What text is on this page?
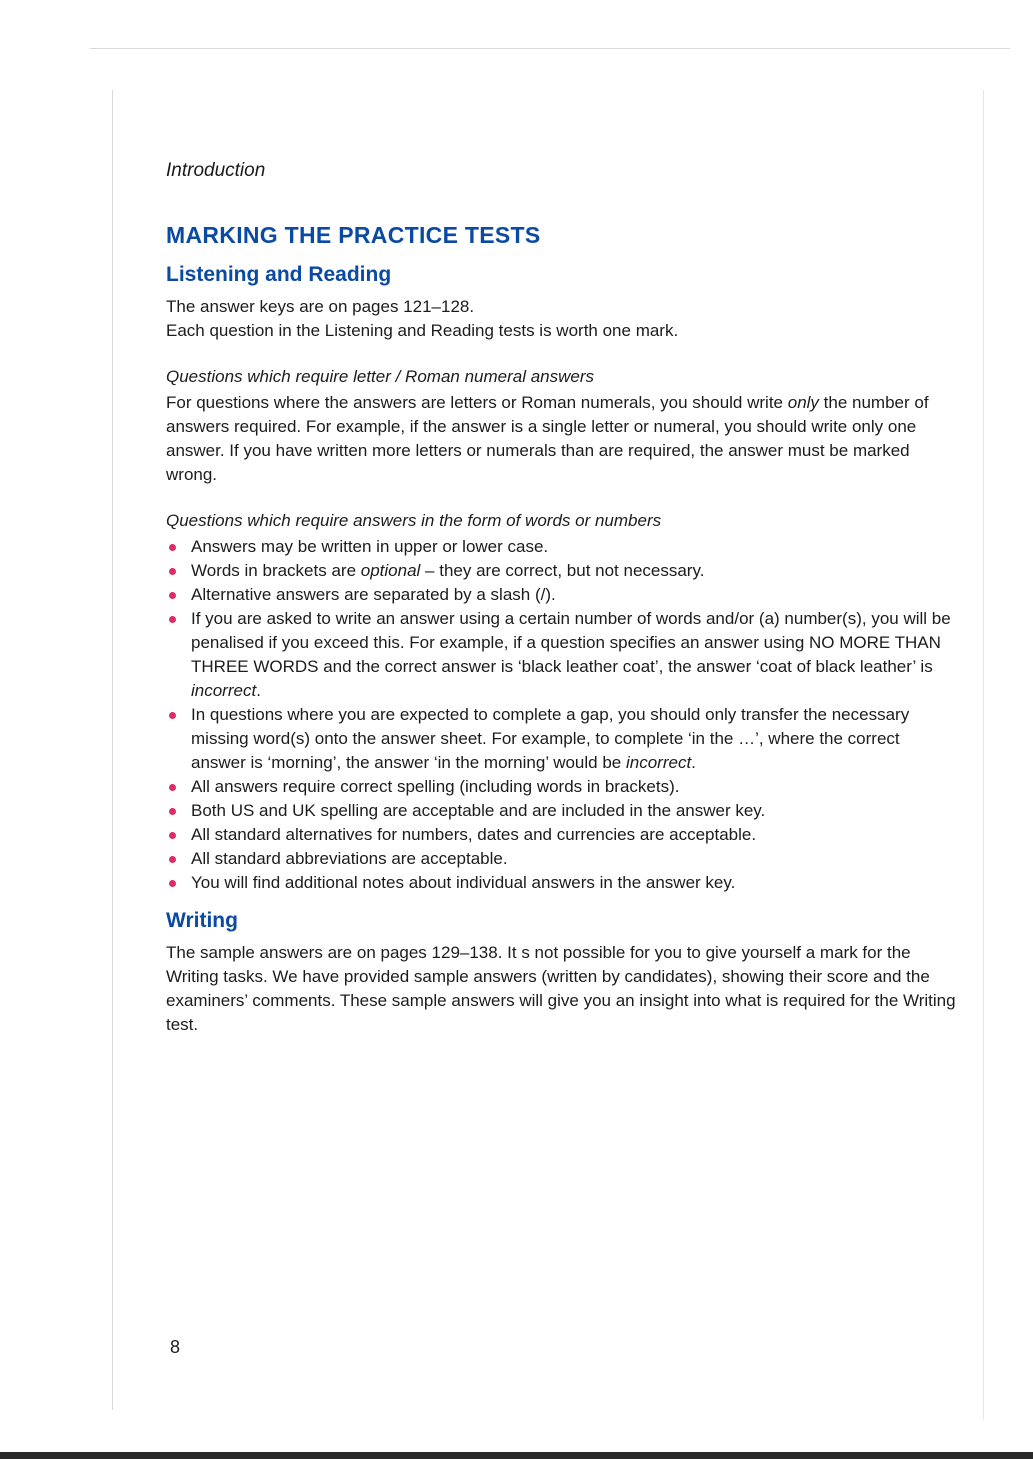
Introduction
MARKING THE PRACTICE TESTS
Listening and Reading

The answer keys are on pages 121–128.

Each question in the Listening and Reading tests is worth one mark.

Questions which require letter / Roman numeral answers

For questions where the answers are letters or Roman numerals, you should write only the number of answers required. For example, if the answer is a single letter or numeral, you should write only one answer. If you have written more letters or numerals than are required, the answer must be marked wrong.

Questions which require answers in the form of words or numbers
Answers may be written in upper or lower case.
Words in brackets are optional – they are correct, but not necessary.
Alternative answers are separated by a slash (/).
If you are asked to write an answer using a certain number of words and/or (a) number(s), you will be penalised if you exceed this. For example, if a question specifies an answer using NO MORE THAN THREE WORDS and the correct answer is ‘black leather coat’, the answer ‘coat of black leather’ is incorrect.
In questions where you are expected to complete a gap, you should only transfer the necessary missing word(s) onto the answer sheet. For example, to complete ‘in the …’, where the correct answer is ‘morning’, the answer ‘in the morning’ would be incorrect.
All answers require correct spelling (including words in brackets).
Both US and UK spelling are acceptable and are included in the answer key.
All standard alternatives for numbers, dates and currencies are acceptable.
All standard abbreviations are acceptable.
You will find additional notes about individual answers in the answer key.
Writing

The sample answers are on pages 129–138. It s not possible for you to give yourself a mark for the Writing tasks. We have provided sample answers (written by candidates), showing their score and the examiners’ comments. These sample answers will give you an insight into what is required for the Writing test.

8
